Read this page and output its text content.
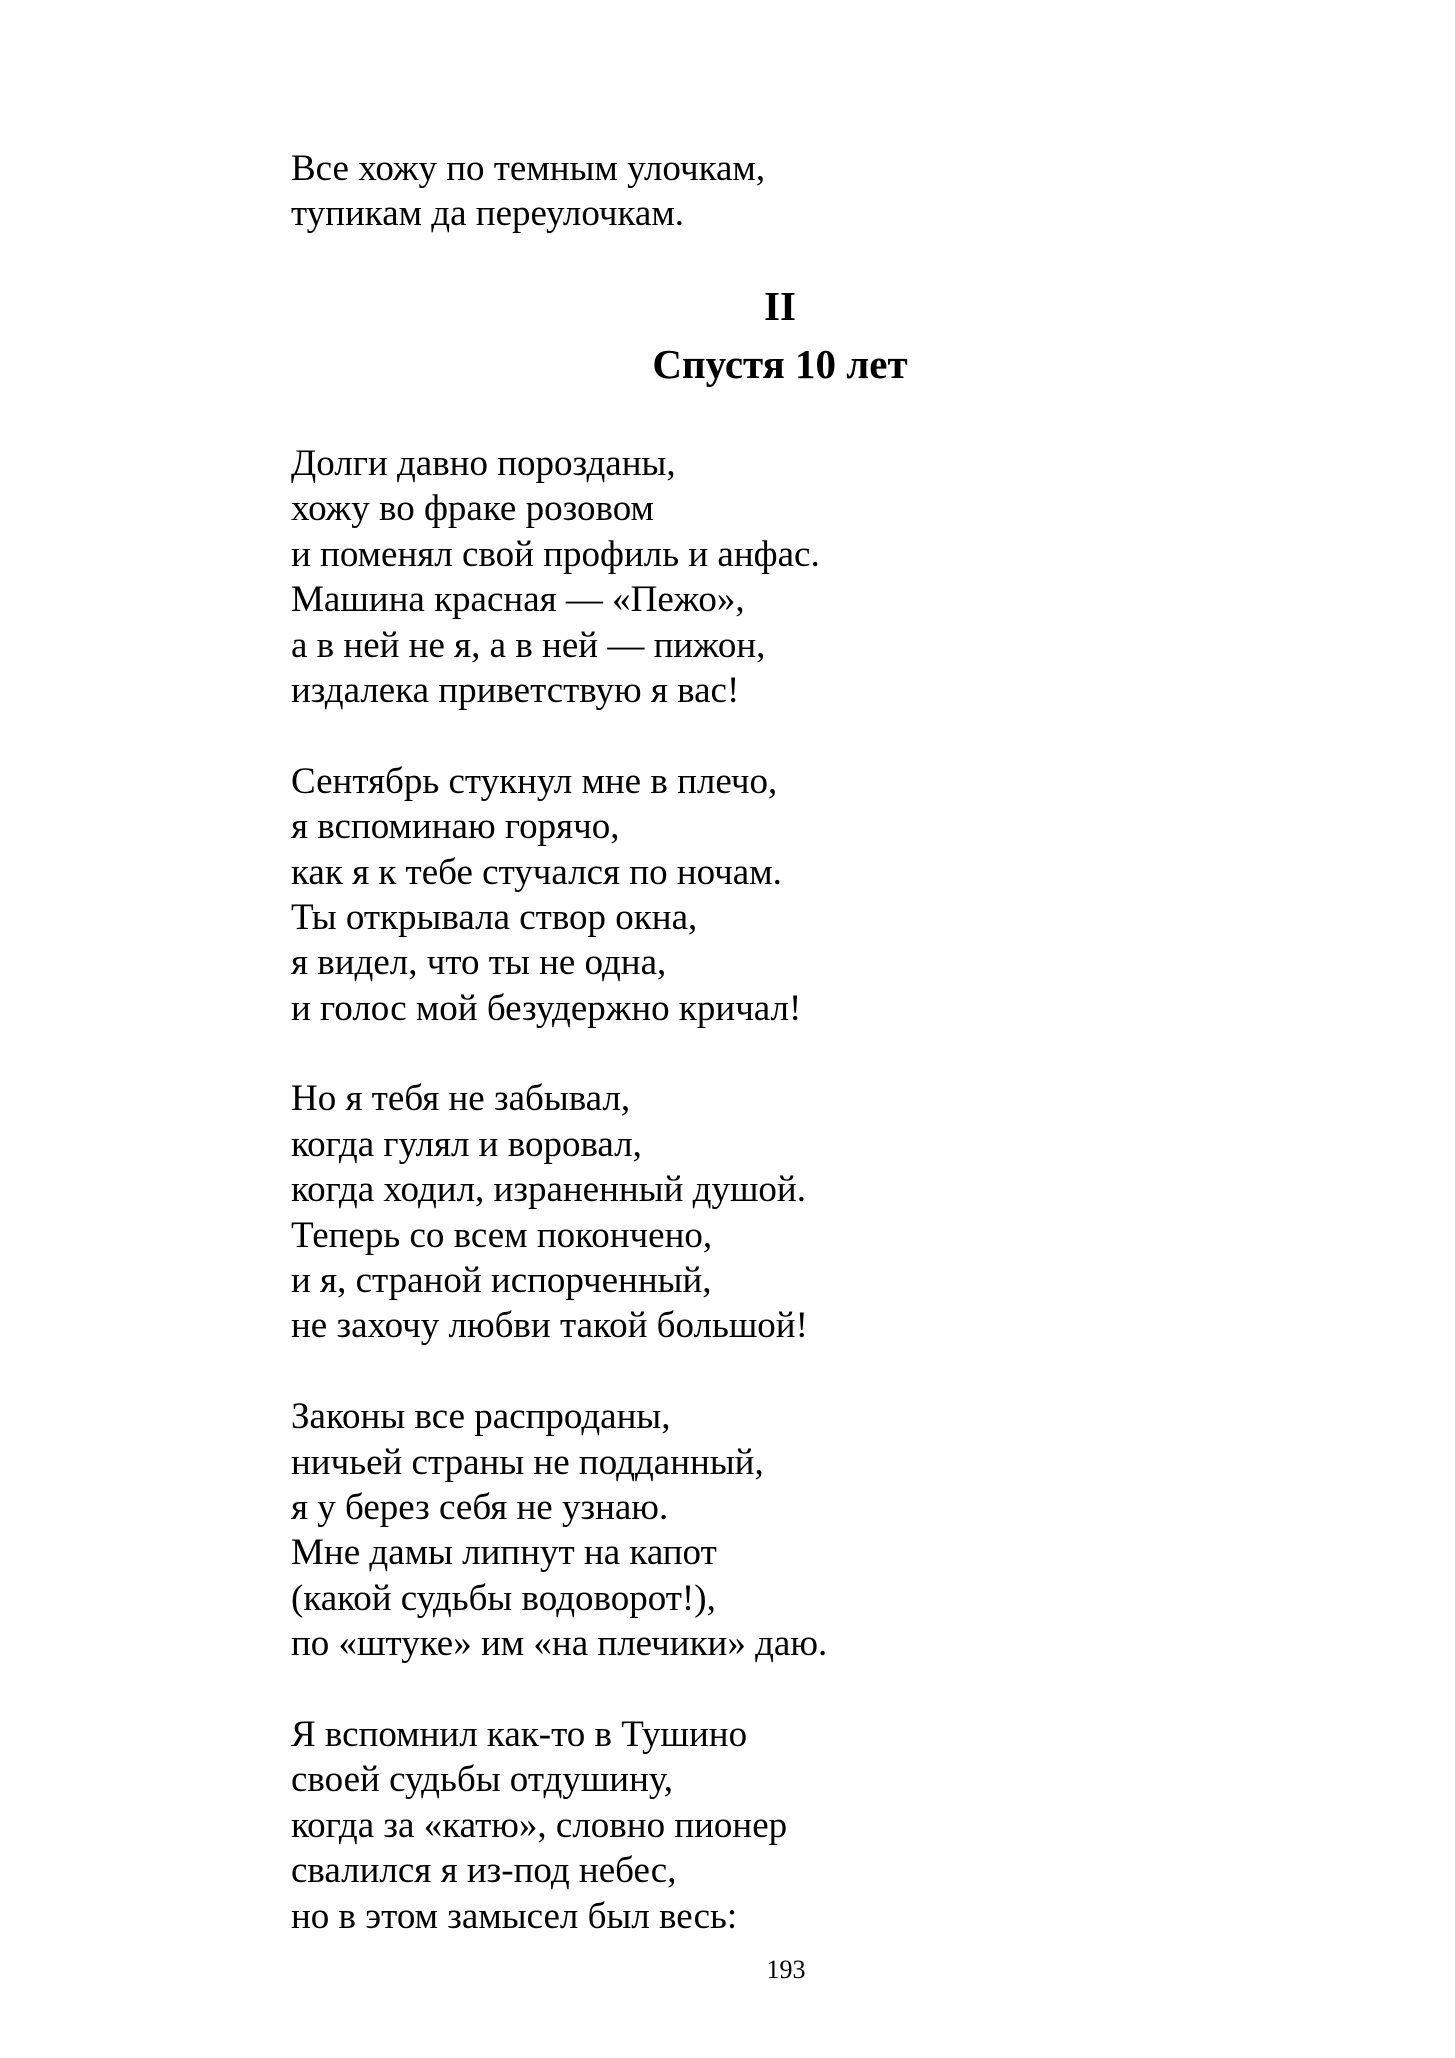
Все хожу по темным улочкам,
тупикам да переулочкам.
II
Спустя 10 лет
Долги давно порозданы,
хожу во фраке розовом
и поменял свой профиль и анфас.
Машина красная — «Пежо»,
а в ней не я, а в ней — пижон,
издалека приветствую я вас!
Сентябрь стукнул мне в плечо,
я вспоминаю горячо,
как я к тебе стучался по ночам.
Ты открывала створ окна,
я видел, что ты не одна,
и голос мой безудержно кричал!
Но я тебя не забывал,
когда гулял и воровал,
когда ходил, израненный душой.
Теперь со всем покончено,
и я, страной испорченный,
не захочу любви такой большой!
Законы все распроданы,
ничьей страны не подданный,
я у берез себя не узнаю.
Мне дамы липнут на капот
(какой судьбы водоворот!),
по «штуке» им «на плечики» даю.
Я вспомнил как-то в Тушино
своей судьбы отдушину,
когда за «катю», словно пионер
свалился я из-под небес,
но в этом замысел был весь:
193
